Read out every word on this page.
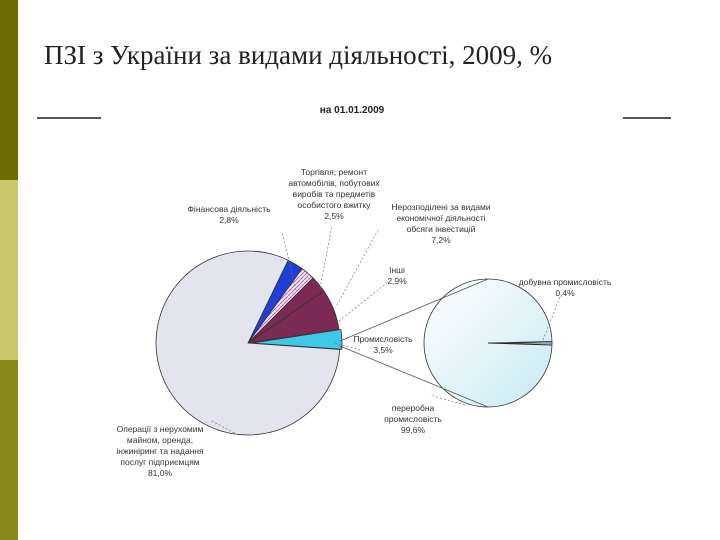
ПЗІ з України за видами діяльності, 2009, %
на 01.01.2009
Операції з нерухомим майном, оренда, інжиніринг та надання послуг підприємцям 81,0%
Фінансова діяльність 2,8%
Торгівля; ремонт автомобілів, побутових виробів та предметів особистого вжитку 2,5%
Нерозподілені за видами економічної діяльності обсяги інвестицій 7,2%
Інші 2,9%
Промисловість 3,5%
добувна промисловість 0,4%
переробна промисловість 99,6%
